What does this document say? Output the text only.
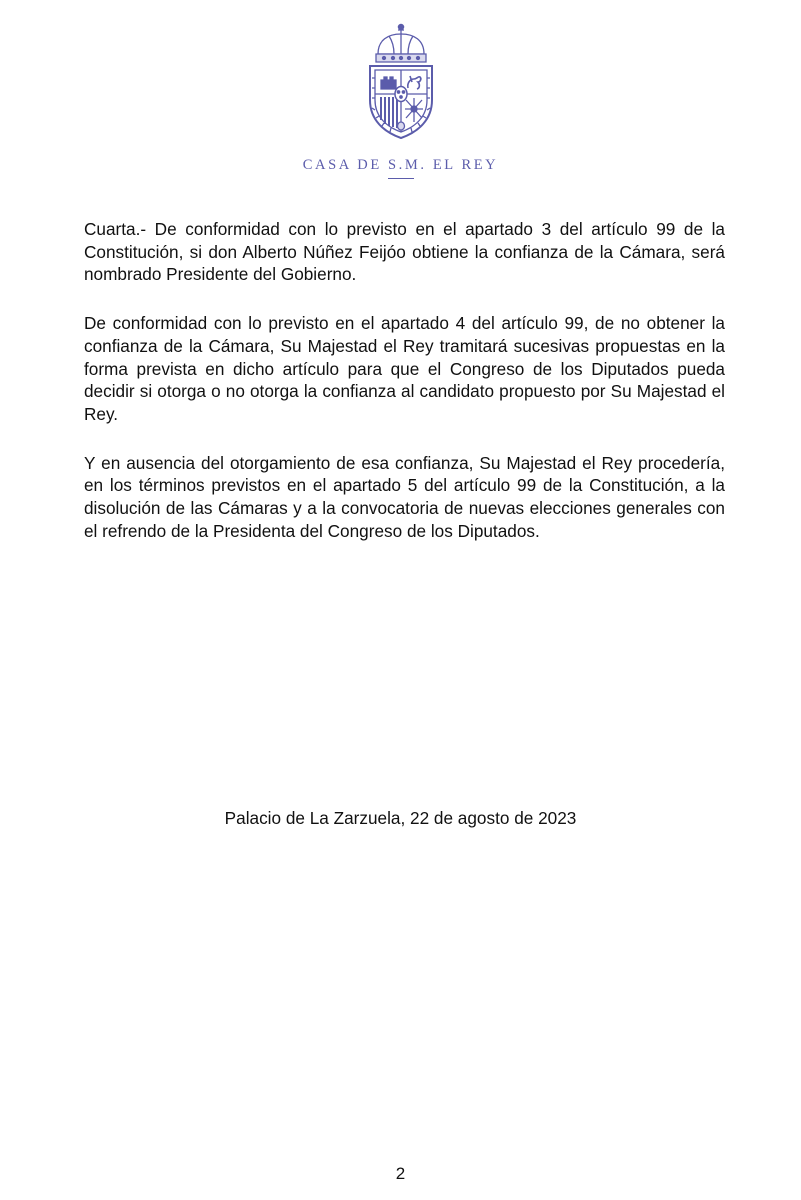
CASA DE S.M. EL REY

Cuarta.- De conformidad con lo previsto en el apartado 3 del artículo 99 de la Constitución, si don Alberto Núñez Feijóo obtiene la confianza de la Cámara, será nombrado Presidente del Gobierno.

De conformidad con lo previsto en el apartado 4 del artículo 99, de no obtener la confianza de la Cámara, Su Majestad el Rey tramitará sucesivas propuestas en la forma prevista en dicho artículo para que el Congreso de los Diputados pueda decidir si otorga o no otorga la confianza al candidato propuesto por Su Majestad el Rey.

Y en ausencia del otorgamiento de esa confianza, Su Majestad el Rey procedería, en los términos previstos en el apartado 5 del artículo 99 de la Constitución, a la disolución de las Cámaras y a la convocatoria de nuevas elecciones generales con el refrendo de la Presidenta del Congreso de los Diputados.

Palacio de La Zarzuela, 22 de agosto de 2023
2
